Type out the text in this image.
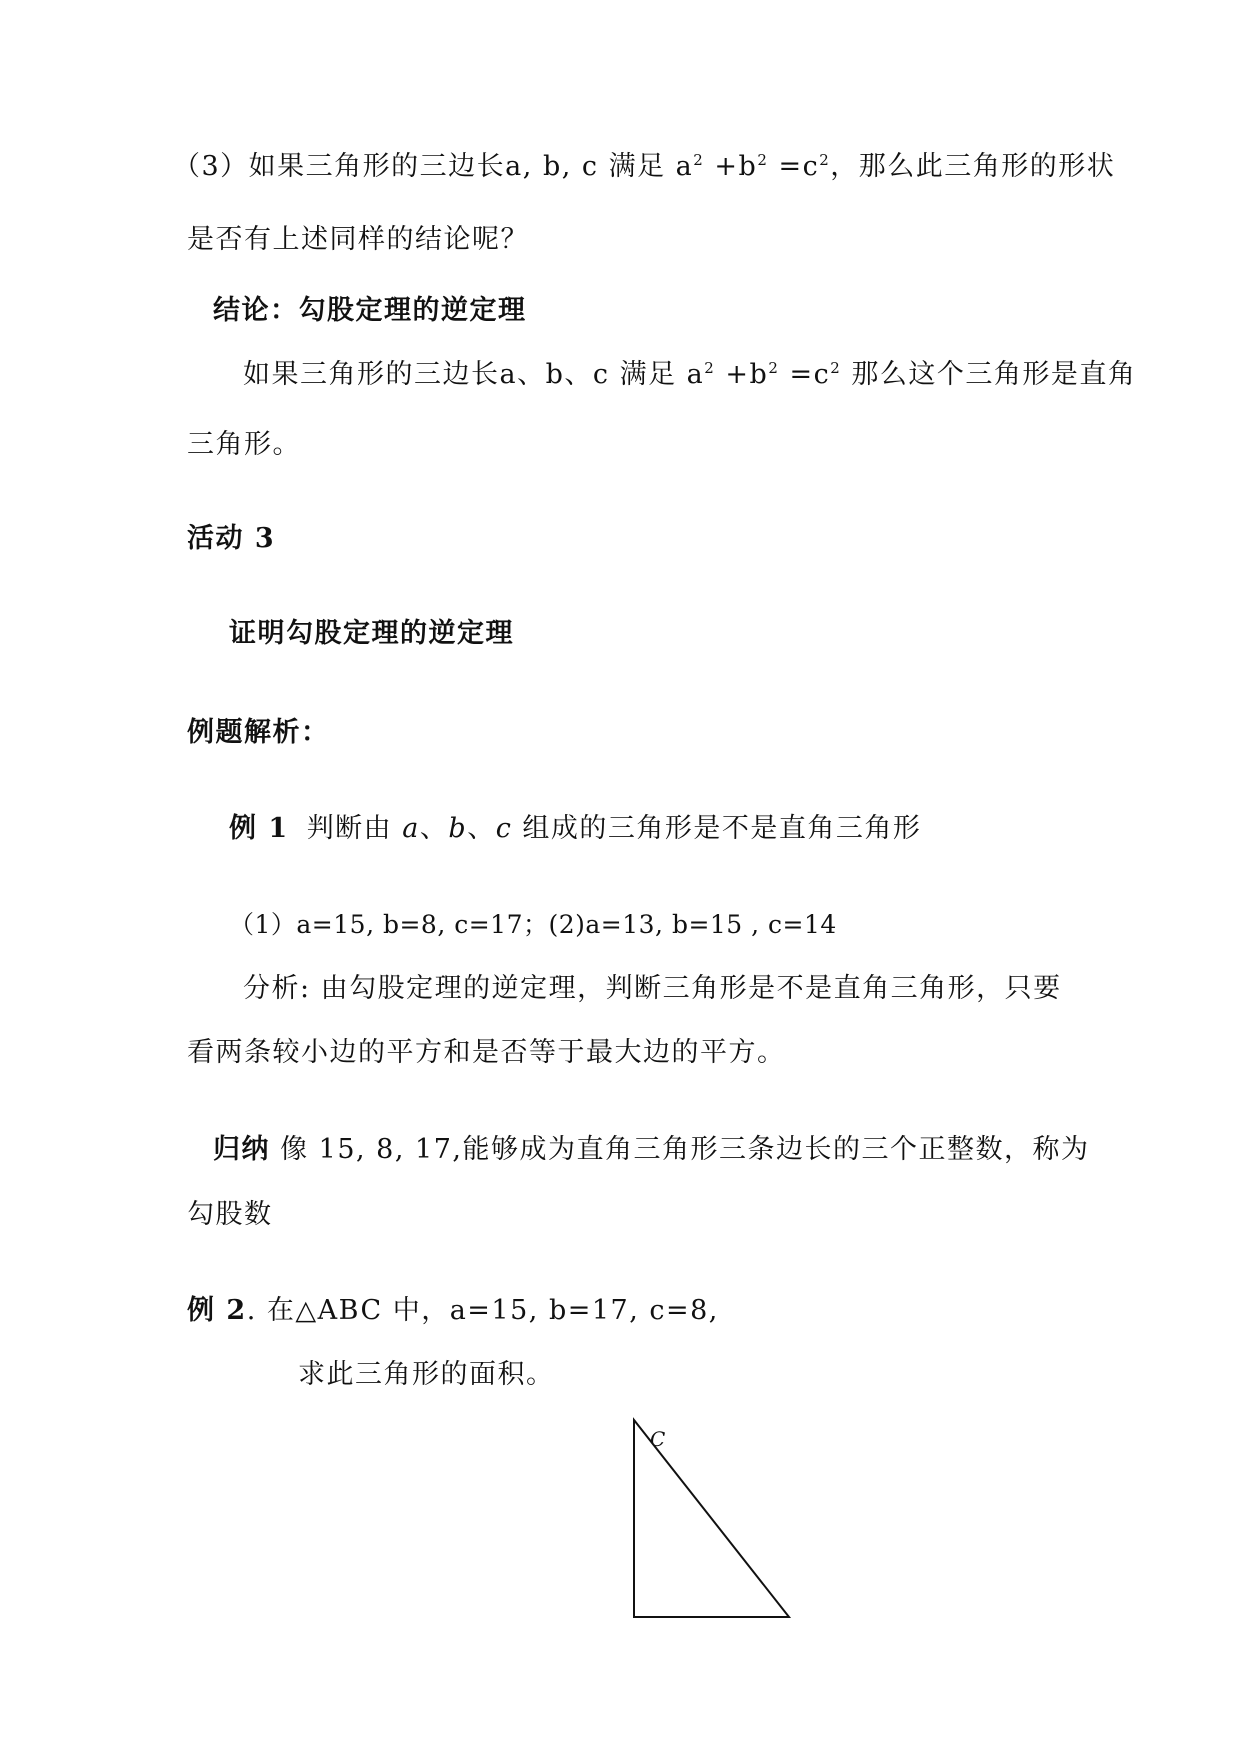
（3）如果三角形的三边长a, b, c 满足 $a^2 +b^2 =c^2$，那么此三角形的形状
是否有上述同样的结论呢？
结论：勾股定理的逆定理
如果三角形的三边长a、b、c 满足 $a^2 +b^2 =c^2$ 那么这个三角形是直角
三角形。
活动 3
证明勾股定理的逆定理
例题解析：
例 1 判断由 a、b、c 组成的三角形是不是直角三角形
（1）a=15, b=8, c=17；(2)a=13, b=15 , c=14
分析: 由勾股定理的逆定理，判断三角形是不是直角三角形，只要
看两条较小边的平方和是否等于最大边的平方。
归纳 像 15, 8, 17,能够成为直角三角形三条边长的三个正整数，称为
勾股数
例 2. 在△ABC 中，a=15, b=17, c=8,
求此三角形的面积。
C
